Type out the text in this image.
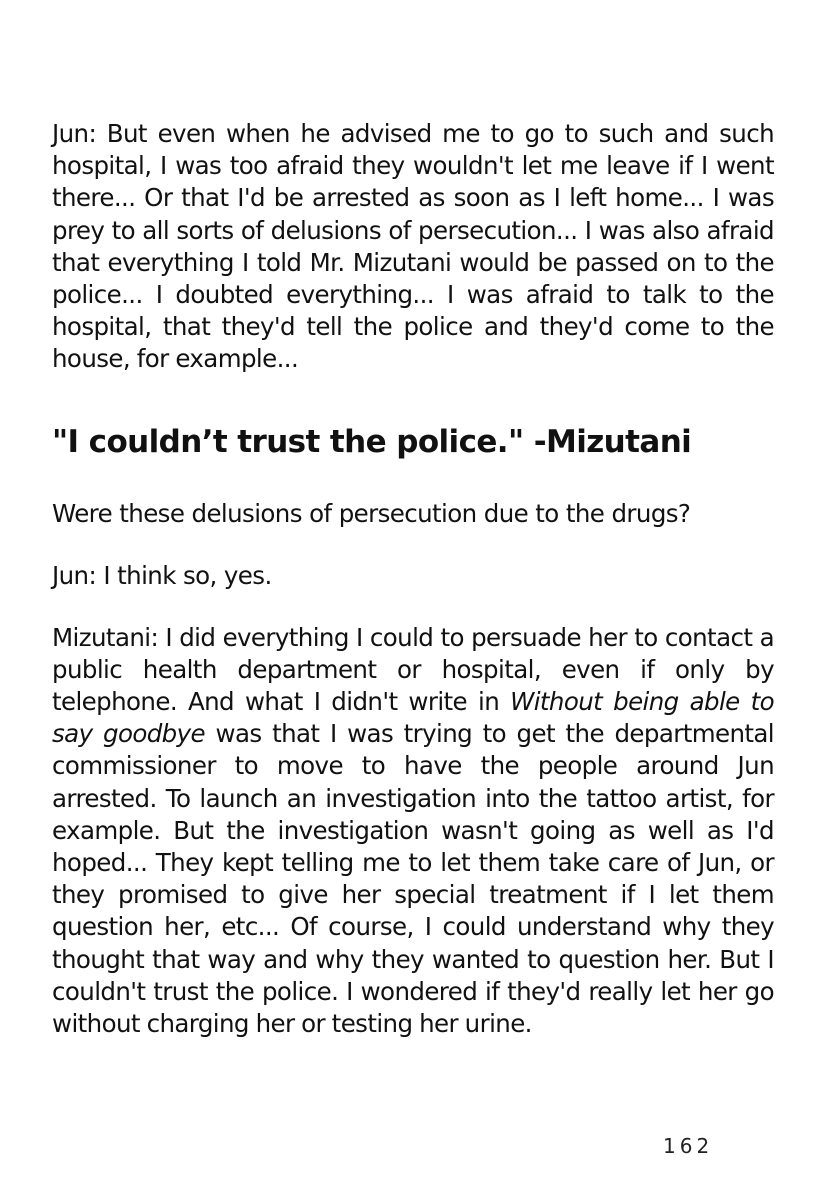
Jun: But even when he advised me to go to such and such hospital, I was too afraid they wouldn't let me leave if I went there... Or that I'd be arrested as soon as I left home... I was prey to all sorts of delusions of persecution... I was also afraid that everything I told Mr. Mizutani would be passed on to the police... I doubted everything... I was afraid to talk to the hospital, that they'd tell the police and they'd come to the house, for example...

"I couldn’t trust the police." -Mizutani

Were these delusions of persecution due to the drugs?

Jun: I think so, yes.

Mizutani: I did everything I could to persuade her to contact a public health department or hospital, even if only by telephone. And what I didn't write in Without being able to say goodbye was that I was trying to get the departmental commissioner to move to have the people around Jun arrested. To launch an investigation into the tattoo artist, for example. But the investigation wasn't going as well as I'd hoped... They kept telling me to let them take care of Jun, or they promised to give her special treatment if I let them question her, etc... Of course, I could understand why they thought that way and why they wanted to question her. But I couldn't trust the police. I wondered if they'd really let her go without charging her or testing her urine.

162
